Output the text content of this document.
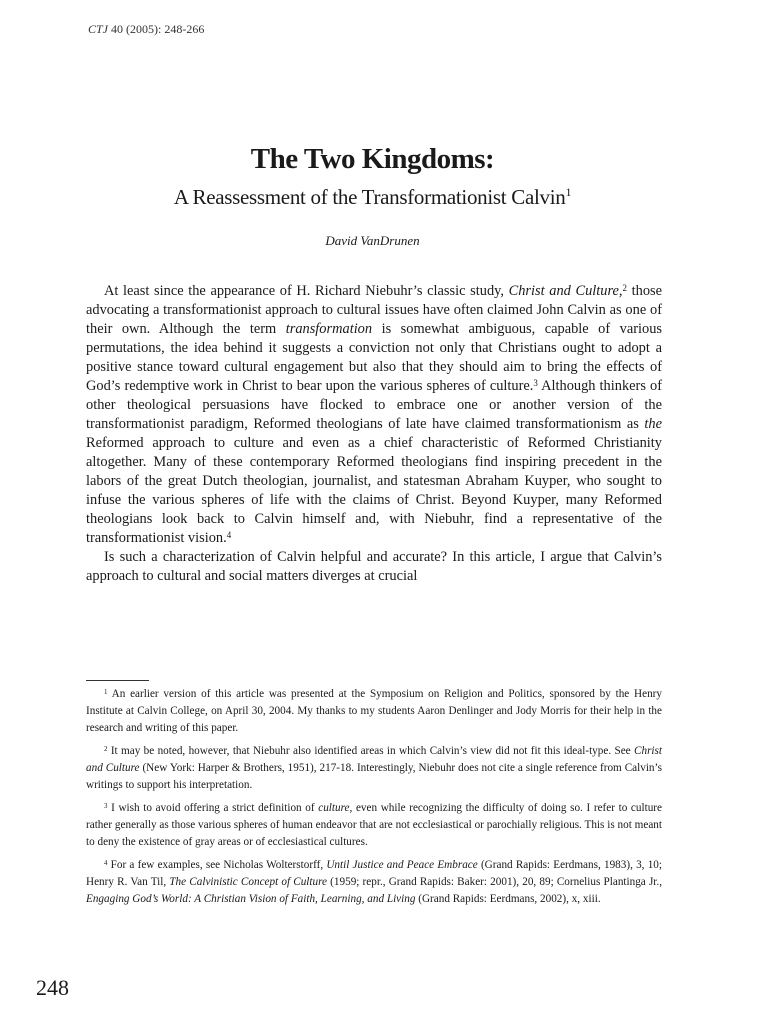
CTJ 40 (2005): 248-266
The Two Kingdoms:
A Reassessment of the Transformationist Calvin$^1$
David VanDrunen

At least since the appearance of H. Richard Niebuhr’s classic study, Christ and Culture,$^2$ those advocating a transformationist approach to cultural issues have often claimed John Calvin as one of their own. Although the term transformation is somewhat ambiguous, capable of various permutations, the idea behind it suggests a conviction not only that Christians ought to adopt a positive stance toward cultural engagement but also that they should aim to bring the effects of God’s redemptive work in Christ to bear upon the various spheres of culture.$^3$ Although thinkers of other theological persuasions have flocked to embrace one or another version of the transformationist paradigm, Reformed theologians of late have claimed transformationism as the Reformed approach to culture and even as a chief characteristic of Reformed Christianity altogether. Many of these contemporary Reformed theologians find inspiring precedent in the labors of the great Dutch theologian, journalist, and statesman Abraham Kuyper, who sought to infuse the various spheres of life with the claims of Christ. Beyond Kuyper, many Reformed theologians look back to Calvin himself and, with Niebuhr, find a representative of the transformationist vision.$^4$

Is such a characterization of Calvin helpful and accurate? In this article, I argue that Calvin’s approach to cultural and social matters diverges at crucial

$^1$ An earlier version of this article was presented at the Symposium on Religion and Politics, sponsored by the Henry Institute at Calvin College, on April 30, 2004. My thanks to my students Aaron Denlinger and Jody Morris for their help in the research and writing of this paper.

$^2$ It may be noted, however, that Niebuhr also identified areas in which Calvin’s view did not fit this ideal-type. See Christ and Culture (New York: Harper & Brothers, 1951), 217-18. Interestingly, Niebuhr does not cite a single reference from Calvin’s writings to support his interpretation.

$^3$ I wish to avoid offering a strict definition of culture, even while recognizing the difficulty of doing so. I refer to culture rather generally as those various spheres of human endeavor that are not ecclesiastical or parochially religious. This is not meant to deny the existence of gray areas or of ecclesiastical cultures.

$^4$ For a few examples, see Nicholas Wolterstorff, Until Justice and Peace Embrace (Grand Rapids: Eerdmans, 1983), 3, 10; Henry R. Van Til, The Calvinistic Concept of Culture (1959; repr., Grand Rapids: Baker: 2001), 20, 89; Cornelius Plantinga Jr., Engaging God’s World: A Christian Vision of Faith, Learning, and Living (Grand Rapids: Eerdmans, 2002), x, xiii.

248
